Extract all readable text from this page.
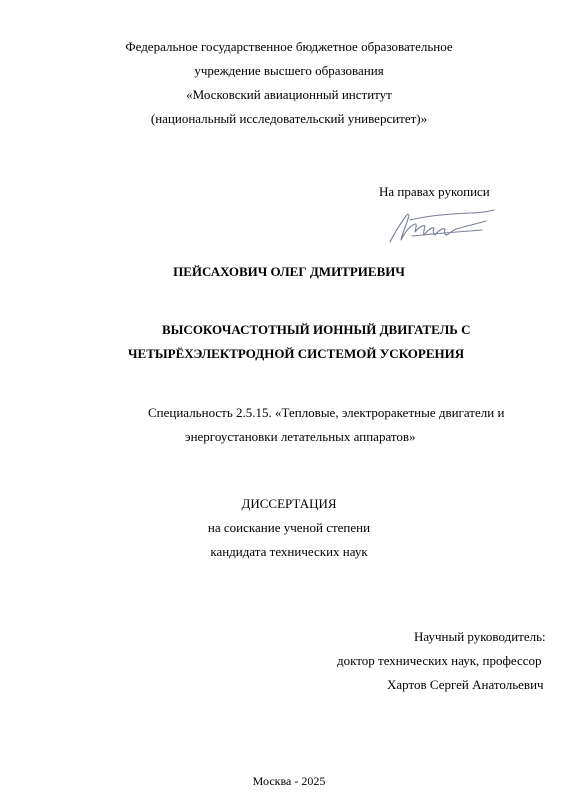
Федеральное государственное бюджетное образовательное
учреждение высшего образования
«Московский авиационный институт
(национальный исследовательский университет)»
На правах рукописи
ПЕЙСАХОВИЧ ОЛЕГ ДМИТРИЕВИЧ
ВЫСОКОЧАСТОТНЫЙ ИОННЫЙ ДВИГАТЕЛЬ С
ЧЕТЫРЁХЭЛЕКТРОДНОЙ СИСТЕМОЙ УСКОРЕНИЯ
Специальность 2.5.15. «Тепловые, электроракетные двигатели и
энергоустановки летательных аппаратов»
ДИССЕРТАЦИЯ
на соискание ученой степени
кандидата технических наук
Научный руководитель:
доктор технических наук, профессор
Хартов Сергей Анатольевич
Москва - 2025
